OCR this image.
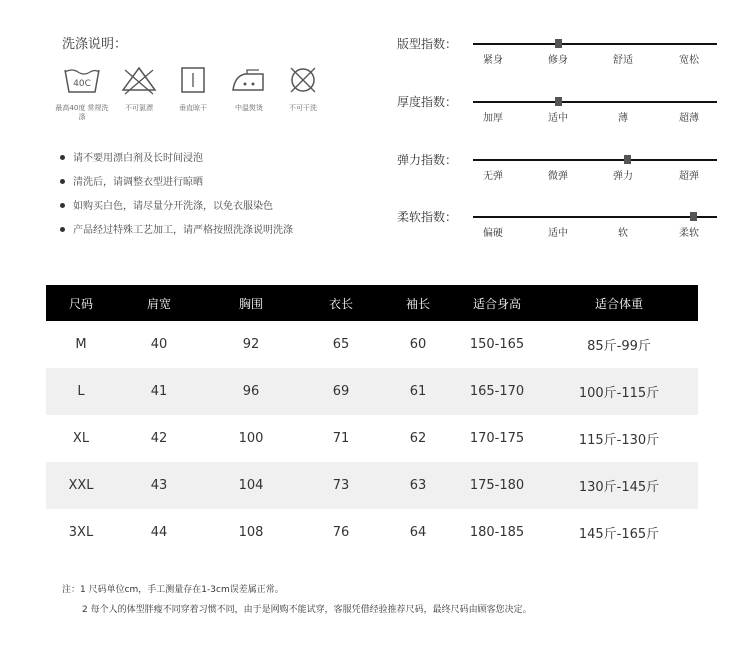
洗涤说明：
40C
最高40度 常规洗涤
不可氯漂	垂直晾干	中温熨烫	不可干洗
请不要用漂白剂及长时间浸泡
清洗后，请调整衣型进行晾晒
如购买白色，请尽量分开洗涤，以免衣服染色
产品经过特殊工艺加工，请严格按照洗涤说明洗涤
版型指数：
紧身	修身	舒适	宽松
厚度指数：
加厚	适中	薄	超薄
弹力指数：
无弹	微弹	弹力	超弹
柔软指数：
偏硬	适中	软	柔软
尺码	肩宽	胸围	衣长	袖长	适合身高	适合体重
M	40	92	65	60	150-165	85斤-99斤
L	41	96	69	61	165-170	100斤-115斤
XL	42	100	71	62	170-175	115斤-130斤
XXL	43	104	73	63	175-180	130斤-145斤
3XL	44	108	76	64	180-185	145斤-165斤
注：1 尺码单位cm，手工测量存在1-3cm误差属正常。
2 每个人的体型胖瘦不同穿着习惯不同，由于是网购不能试穿，客服凭借经验推荐尺码，最终尺码由顾客您决定。
